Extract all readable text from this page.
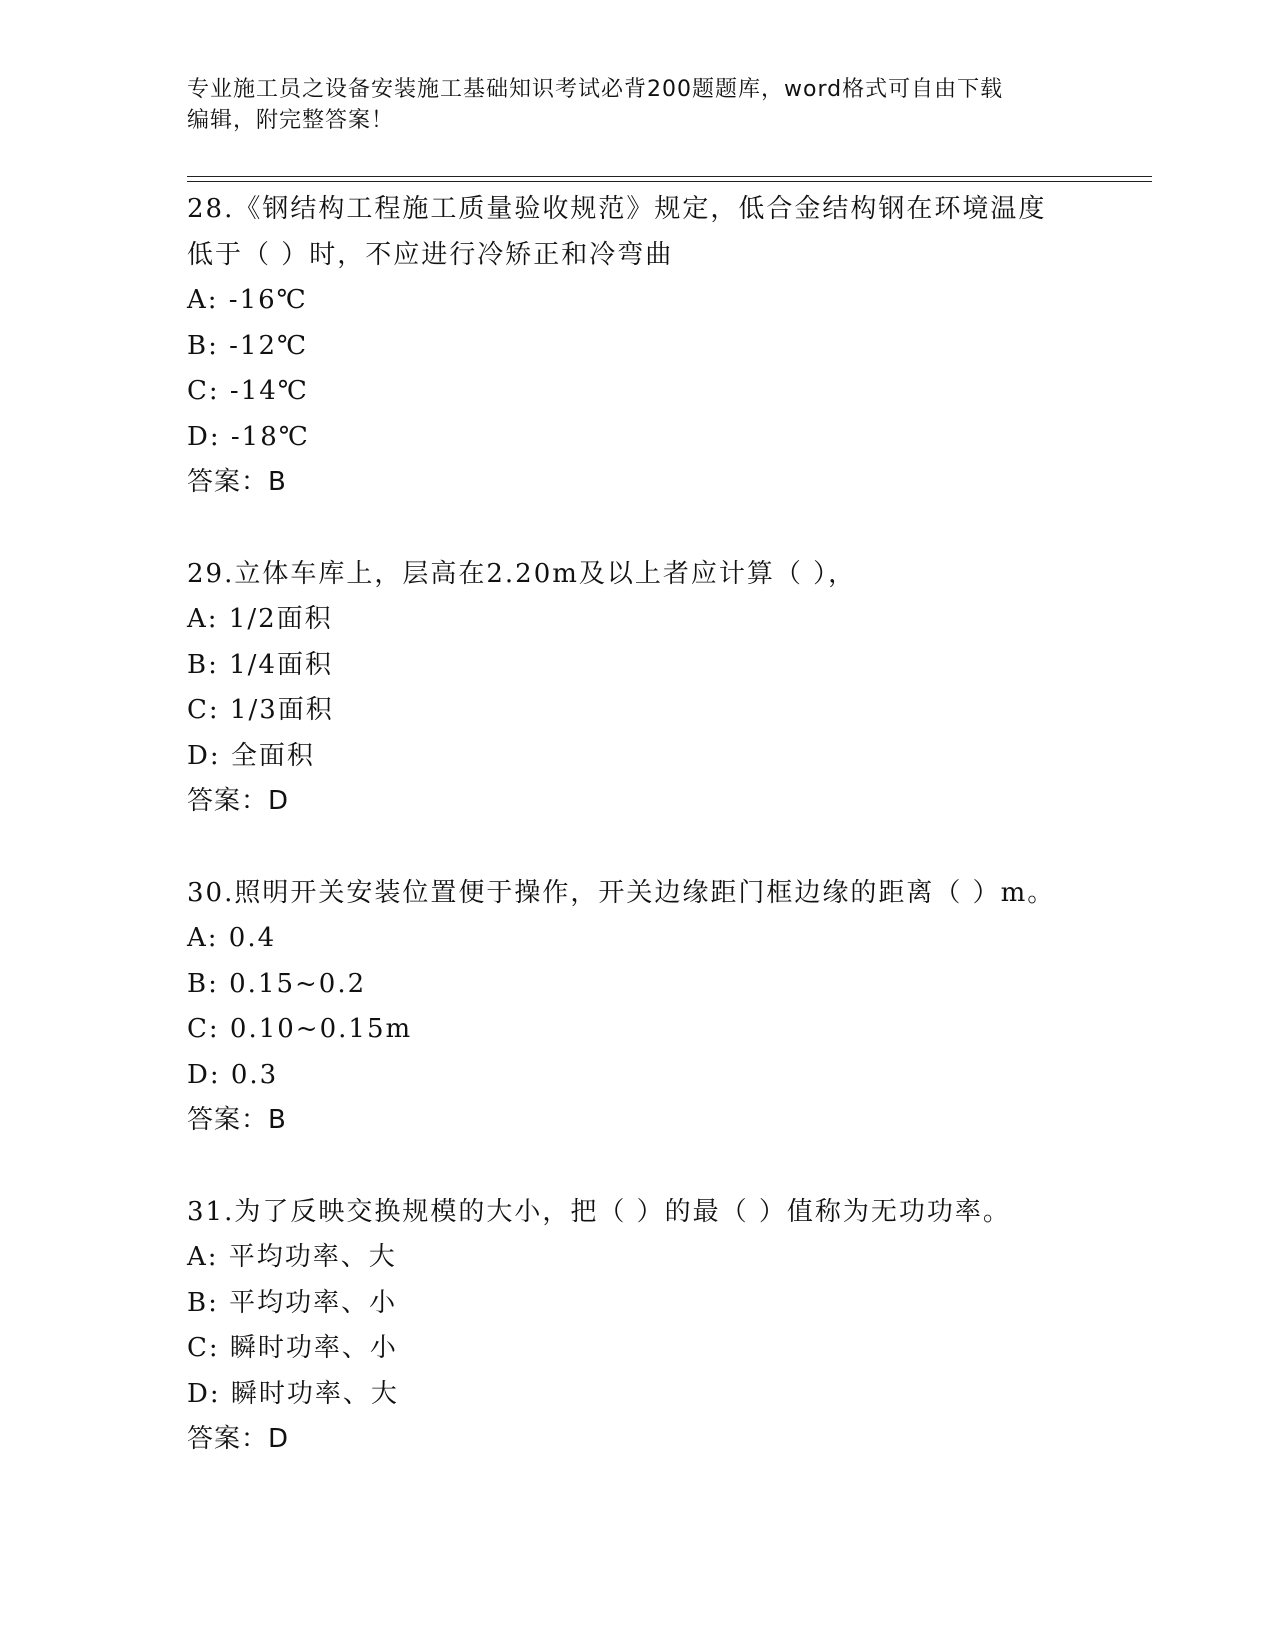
专业施工员之设备安装施工基础知识考试必背200题题库，word格式可自由下载
编辑，附完整答案！
28.《钢结构工程施工质量验收规范》规定，低合金结构钢在环境温度
低于（ ）时，不应进行冷矫正和冷弯曲
A: -16℃
B: -12℃
C: -14℃
D: -18℃
答案：B
29.立体车库上，层高在2.20m及以上者应计算（ ），
A: 1/2面积
B: 1/4面积
C: 1/3面积
D: 全面积
答案：D
30.照明开关安装位置便于操作，开关边缘距门框边缘的距离（ ）m。
A: 0.4
B: 0.15~0.2
C: 0.10~0.15m
D: 0.3
答案：B
31.为了反映交换规模的大小，把（ ）的最（ ）值称为无功功率。
A: 平均功率、大
B: 平均功率、小
C: 瞬时功率、小
D: 瞬时功率、大
答案：D
